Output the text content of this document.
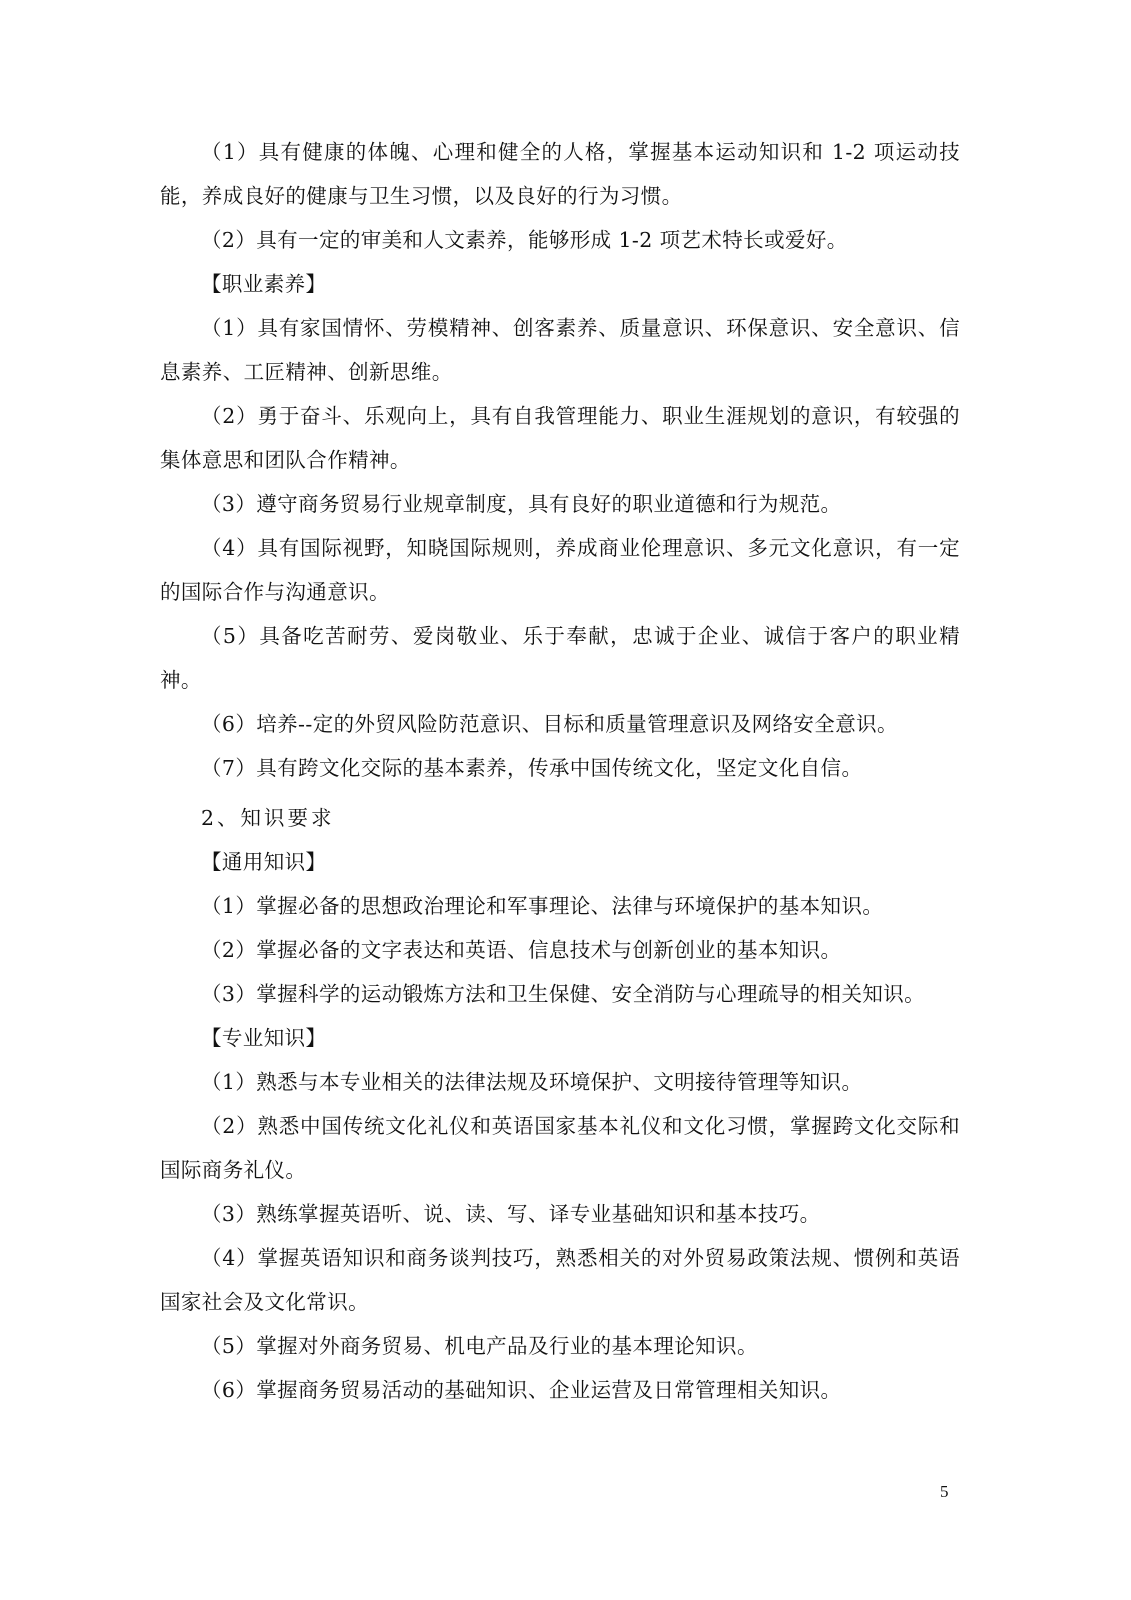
（1）具有健康的体魄、心理和健全的人格，掌握基本运动知识和 1-2 项运动技能，养成良好的健康与卫生习惯，以及良好的行为习惯。

（2）具有一定的审美和人文素养，能够形成 1-2 项艺术特长或爱好。

【职业素养】

（1）具有家国情怀、劳模精神、创客素养、质量意识、环保意识、安全意识、信息素养、工匠精神、创新思维。

（2）勇于奋斗、乐观向上，具有自我管理能力、职业生涯规划的意识，有较强的集体意思和团队合作精神。

（3）遵守商务贸易行业规章制度，具有良好的职业道德和行为规范。

（4）具有国际视野，知晓国际规则，养成商业伦理意识、多元文化意识，有一定的国际合作与沟通意识。

（5）具备吃苦耐劳、爱岗敬业、乐于奉献，忠诚于企业、诚信于客户的职业精神。

（6）培养--定的外贸风险防范意识、目标和质量管理意识及网络安全意识。

（7）具有跨文化交际的基本素养，传承中国传统文化，坚定文化自信。

2、知识要求

【通用知识】

（1）掌握必备的思想政治理论和军事理论、法律与环境保护的基本知识。

（2）掌握必备的文字表达和英语、信息技术与创新创业的基本知识。

（3）掌握科学的运动锻炼方法和卫生保健、安全消防与心理疏导的相关知识。

【专业知识】

（1）熟悉与本专业相关的法律法规及环境保护、文明接待管理等知识。

（2）熟悉中国传统文化礼仪和英语国家基本礼仪和文化习惯，掌握跨文化交际和国际商务礼仪。

（3）熟练掌握英语听、说、读、写、译专业基础知识和基本技巧。

（4）掌握英语知识和商务谈判技巧，熟悉相关的对外贸易政策法规、惯例和英语国家社会及文化常识。

（5）掌握对外商务贸易、机电产品及行业的基本理论知识。

（6）掌握商务贸易活动的基础知识、企业运营及日常管理相关知识。

5
